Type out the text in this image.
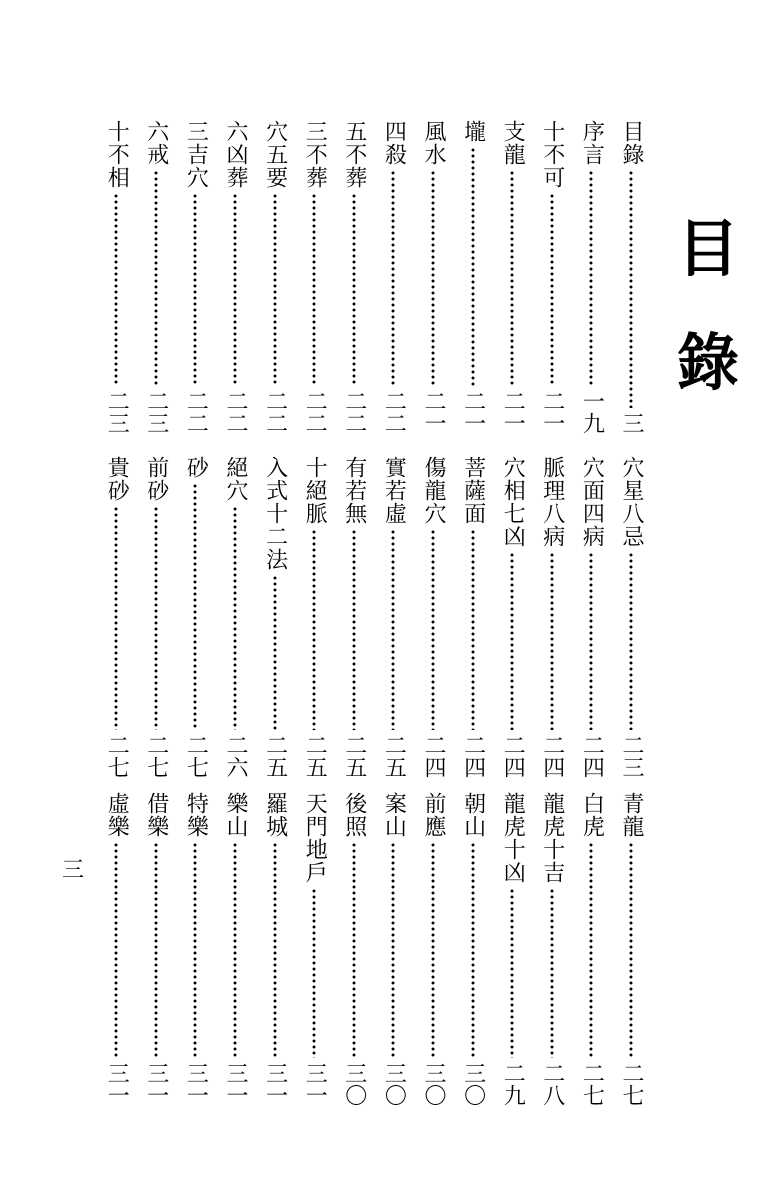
目
錄
目錄
三
穴星八忌
二三
青龍
二七
序言
一九
穴面四病
二四
白虎
二七
十不可
二一
脈理八病
二四
龍虎十吉
二八
支龍
二一
穴相七凶
二四
龍虎十凶
二九
壠
二一
菩薩面
二四
朝山
三〇
風水
二一
傷龍穴
二四
前應
三〇
四殺
二二
實若虛
二五
案山
三〇
五不葬
二二
有若無
二五
後照
三〇
三不葬
二二
十絕脈
二五
天門地戶
三一
穴五要
二二
入式十二法
二五
羅城
三一
六凶葬
二二
絕穴
二六
樂山
三一
三吉穴
二二
砂
二七
特樂
三一
六戒
二三
前砂
二七
借樂
三一
十不相
二三
貴砂
二七
虛樂
三一
三
